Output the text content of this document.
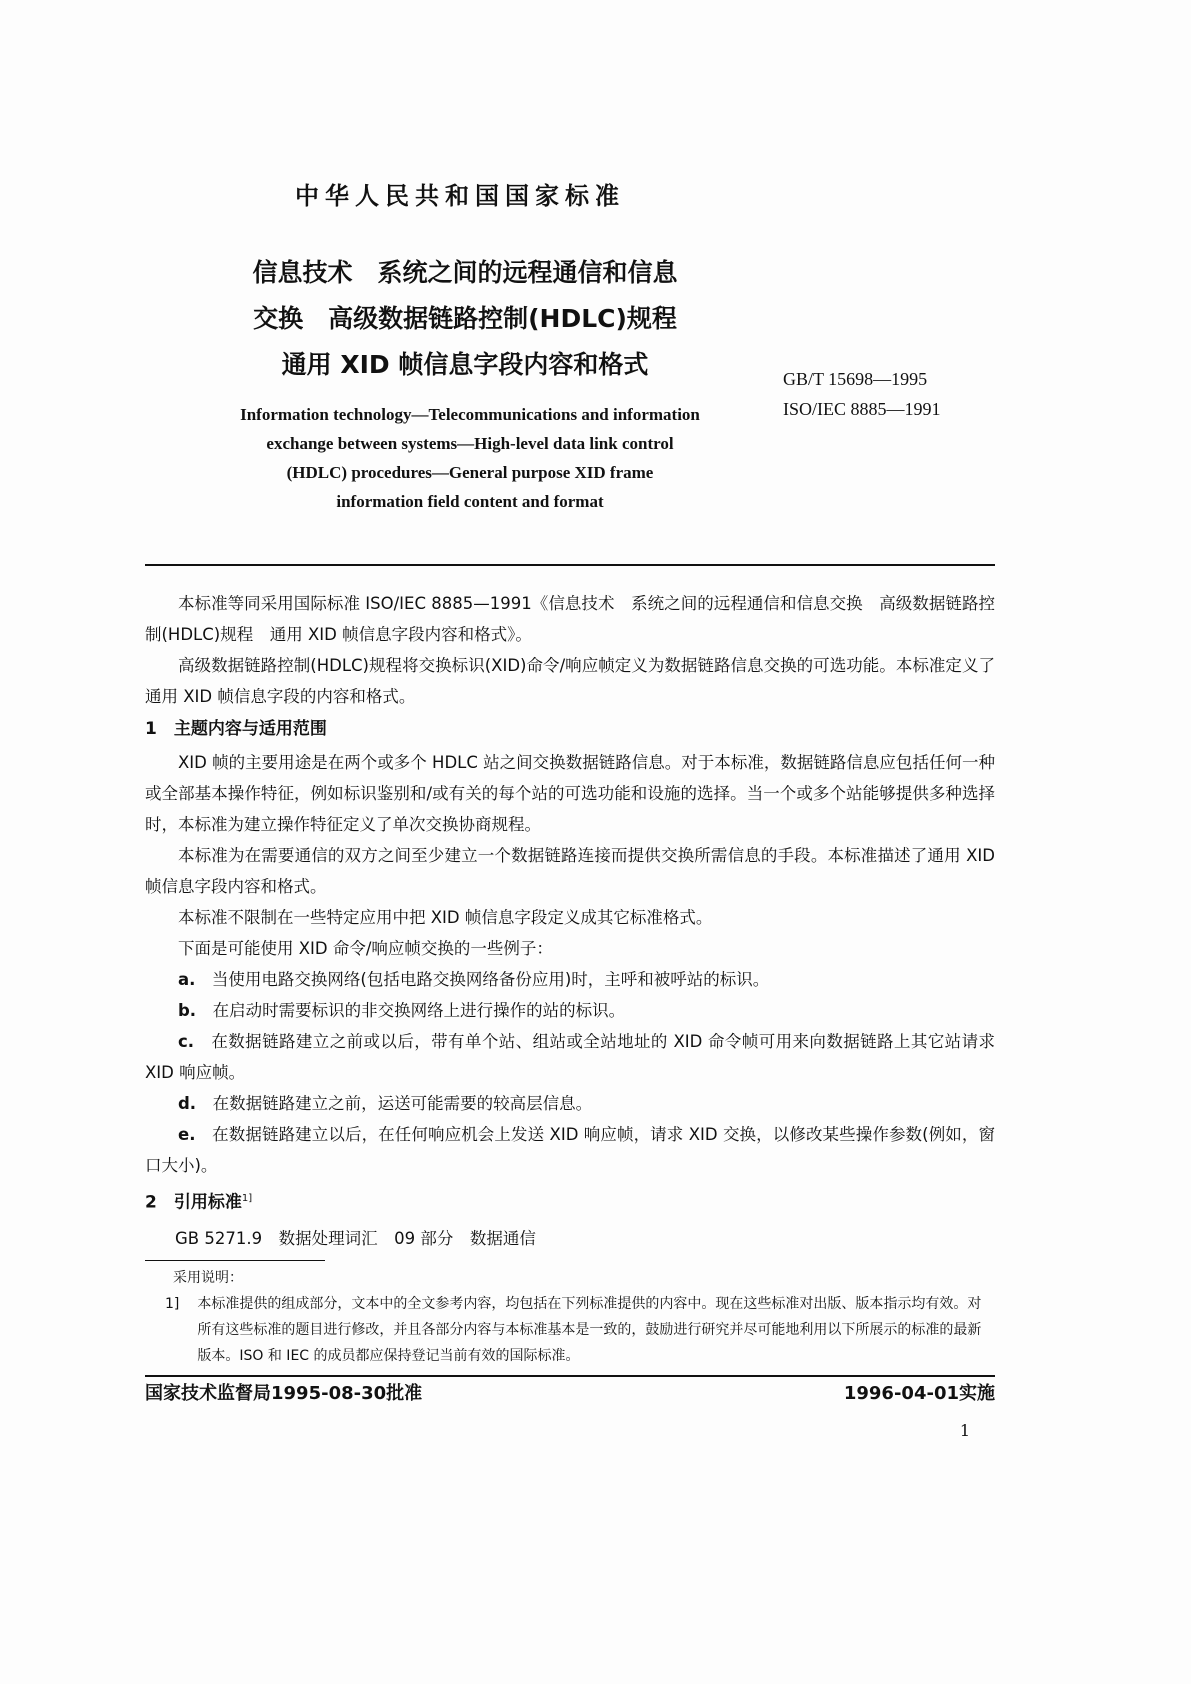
中华人民共和国国家标准
信息技术　系统之间的远程通信和信息
交换　高级数据链路控制(HDLC)规程
通用 XID 帧信息字段内容和格式	GB/T 15698—1995
ISO/IEC 8885—1991
Information technology—Telecommunications and information
exchange between systems—High-level data link control
(HDLC) procedures—General purpose XID frame
information field content and format

本标准等同采用国际标准 ISO/IEC 8885—1991《信息技术　系统之间的远程通信和信息交换　高级数据链路控制(HDLC)规程　通用 XID 帧信息字段内容和格式》。

高级数据链路控制(HDLC)规程将交换标识(XID)命令/响应帧定义为数据链路信息交换的可选功能。本标准定义了通用 XID 帧信息字段的内容和格式。

1　主题内容与适用范围

XID 帧的主要用途是在两个或多个 HDLC 站之间交换数据链路信息。对于本标准，数据链路信息应包括任何一种或全部基本操作特征，例如标识鉴别和/或有关的每个站的可选功能和设施的选择。当一个或多个站能够提供多种选择时，本标准为建立操作特征定义了单次交换协商规程。

本标准为在需要通信的双方之间至少建立一个数据链路连接而提供交换所需信息的手段。本标准描述了通用 XID 帧信息字段内容和格式。

本标准不限制在一些特定应用中把 XID 帧信息字段定义成其它标准格式。

下面是可能使用 XID 命令/响应帧交换的一些例子：

a.　 当使用电路交换网络(包括电路交换网络备份应用)时，主呼和被呼站的标识。

b.　 在启动时需要标识的非交换网络上进行操作的站的标识。

c.　 在数据链路建立之前或以后，带有单个站、组站或全站地址的 XID 命令帧可用来向数据链路上其它站请求 XID 响应帧。

d.　 在数据链路建立之前，运送可能需要的较高层信息。

e.　 在数据链路建立以后，在任何响应机会上发送 XID 响应帧，请求 XID 交换，以修改某些操作参数(例如，窗口大小)。

2　引用标准$^{1]}$

GB 5271.9　数据处理词汇　09 部分　数据通信

采用说明：
1]	本标准提供的组成部分，文本中的全文参考内容，均包括在下列标准提供的内容中。现在这些标准对出版、版本指示均有效。对所有这些标准的题目进行修改，并且各部分内容与本标准基本是一致的，鼓励进行研究并尽可能地利用以下所展示的标准的最新版本。ISO 和 IEC 的成员都应保持登记当前有效的国际标准。
国家技术监督局1995-08-30批准	1996-04-01实施
1
